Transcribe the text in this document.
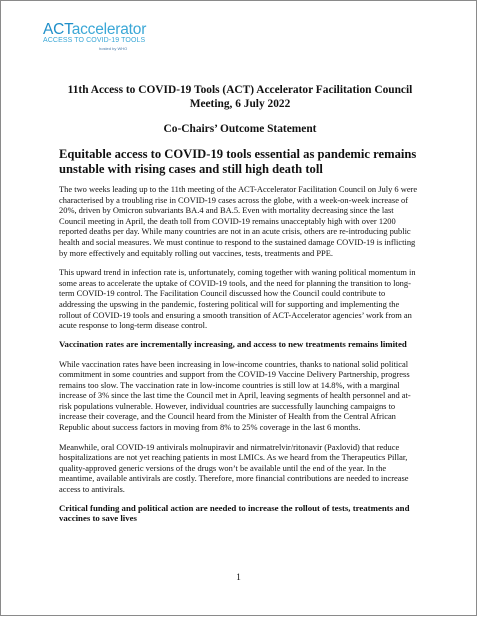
ACTaccelerator
ACCESS TO COVID-19 TOOLS
hosted by WHO
11th Access to COVID-19 Tools (ACT) Accelerator Facilitation Council
Meeting, 6 July 2022
Co-Chairs’ Outcome Statement
Equitable access to COVID-19 tools essential as pandemic remains unstable with rising cases and still high death toll

The two weeks leading up to the 11th meeting of the ACT-Accelerator Facilitation Council on July 6 were characterised by a troubling rise in COVID-19 cases across the globe, with a week-on-week increase of 20%, driven by Omicron subvariants BA.4 and BA.5. Even with mortality decreasing since the last Council meeting in April, the death toll from COVID-19 remains unacceptably high with over 1200 reported deaths per day. While many countries are not in an acute crisis, others are re-introducing public health and social measures. We must continue to respond to the sustained damage COVID-19 is inflicting by more effectively and equitably rolling out vaccines, tests, treatments and PPE.

This upward trend in infection rate is, unfortunately, coming together with waning political momentum in some areas to accelerate the uptake of COVID-19 tools, and the need for planning the transition to long-term COVID-19 control. The Facilitation Council discussed how the Council could contribute to addressing the upswing in the pandemic, fostering political will for supporting and implementing the rollout of COVID-19 tools and ensuring a smooth transition of ACT-Accelerator agencies’ work from an acute response to long-term disease control.

Vaccination rates are incrementally increasing, and access to new treatments remains limited

While vaccination rates have been increasing in low-income countries, thanks to national solid political commitment in some countries and support from the COVID-19 Vaccine Delivery Partnership, progress remains too slow. The vaccination rate in low-income countries is still low at 14.8%, with a marginal increase of 3% since the last time the Council met in April, leaving segments of health personnel and at-risk populations vulnerable. However, individual countries are successfully launching campaigns to increase their coverage, and the Council heard from the Minister of Health from the Central African Republic about success factors in moving from 8% to 25% coverage in the last 6 months.

Meanwhile, oral COVID-19 antivirals molnupiravir and nirmatrelvir/ritonavir (Paxlovid) that reduce hospitalizations are not yet reaching patients in most LMICs. As we heard from the Therapeutics Pillar, quality-approved generic versions of the drugs won’t be available until the end of the year. In the meantime, available antivirals are costly. Therefore, more financial contributions are needed to increase access to antivirals.

Critical funding and political action are needed to increase the rollout of tests, treatments and vaccines to save lives
1
